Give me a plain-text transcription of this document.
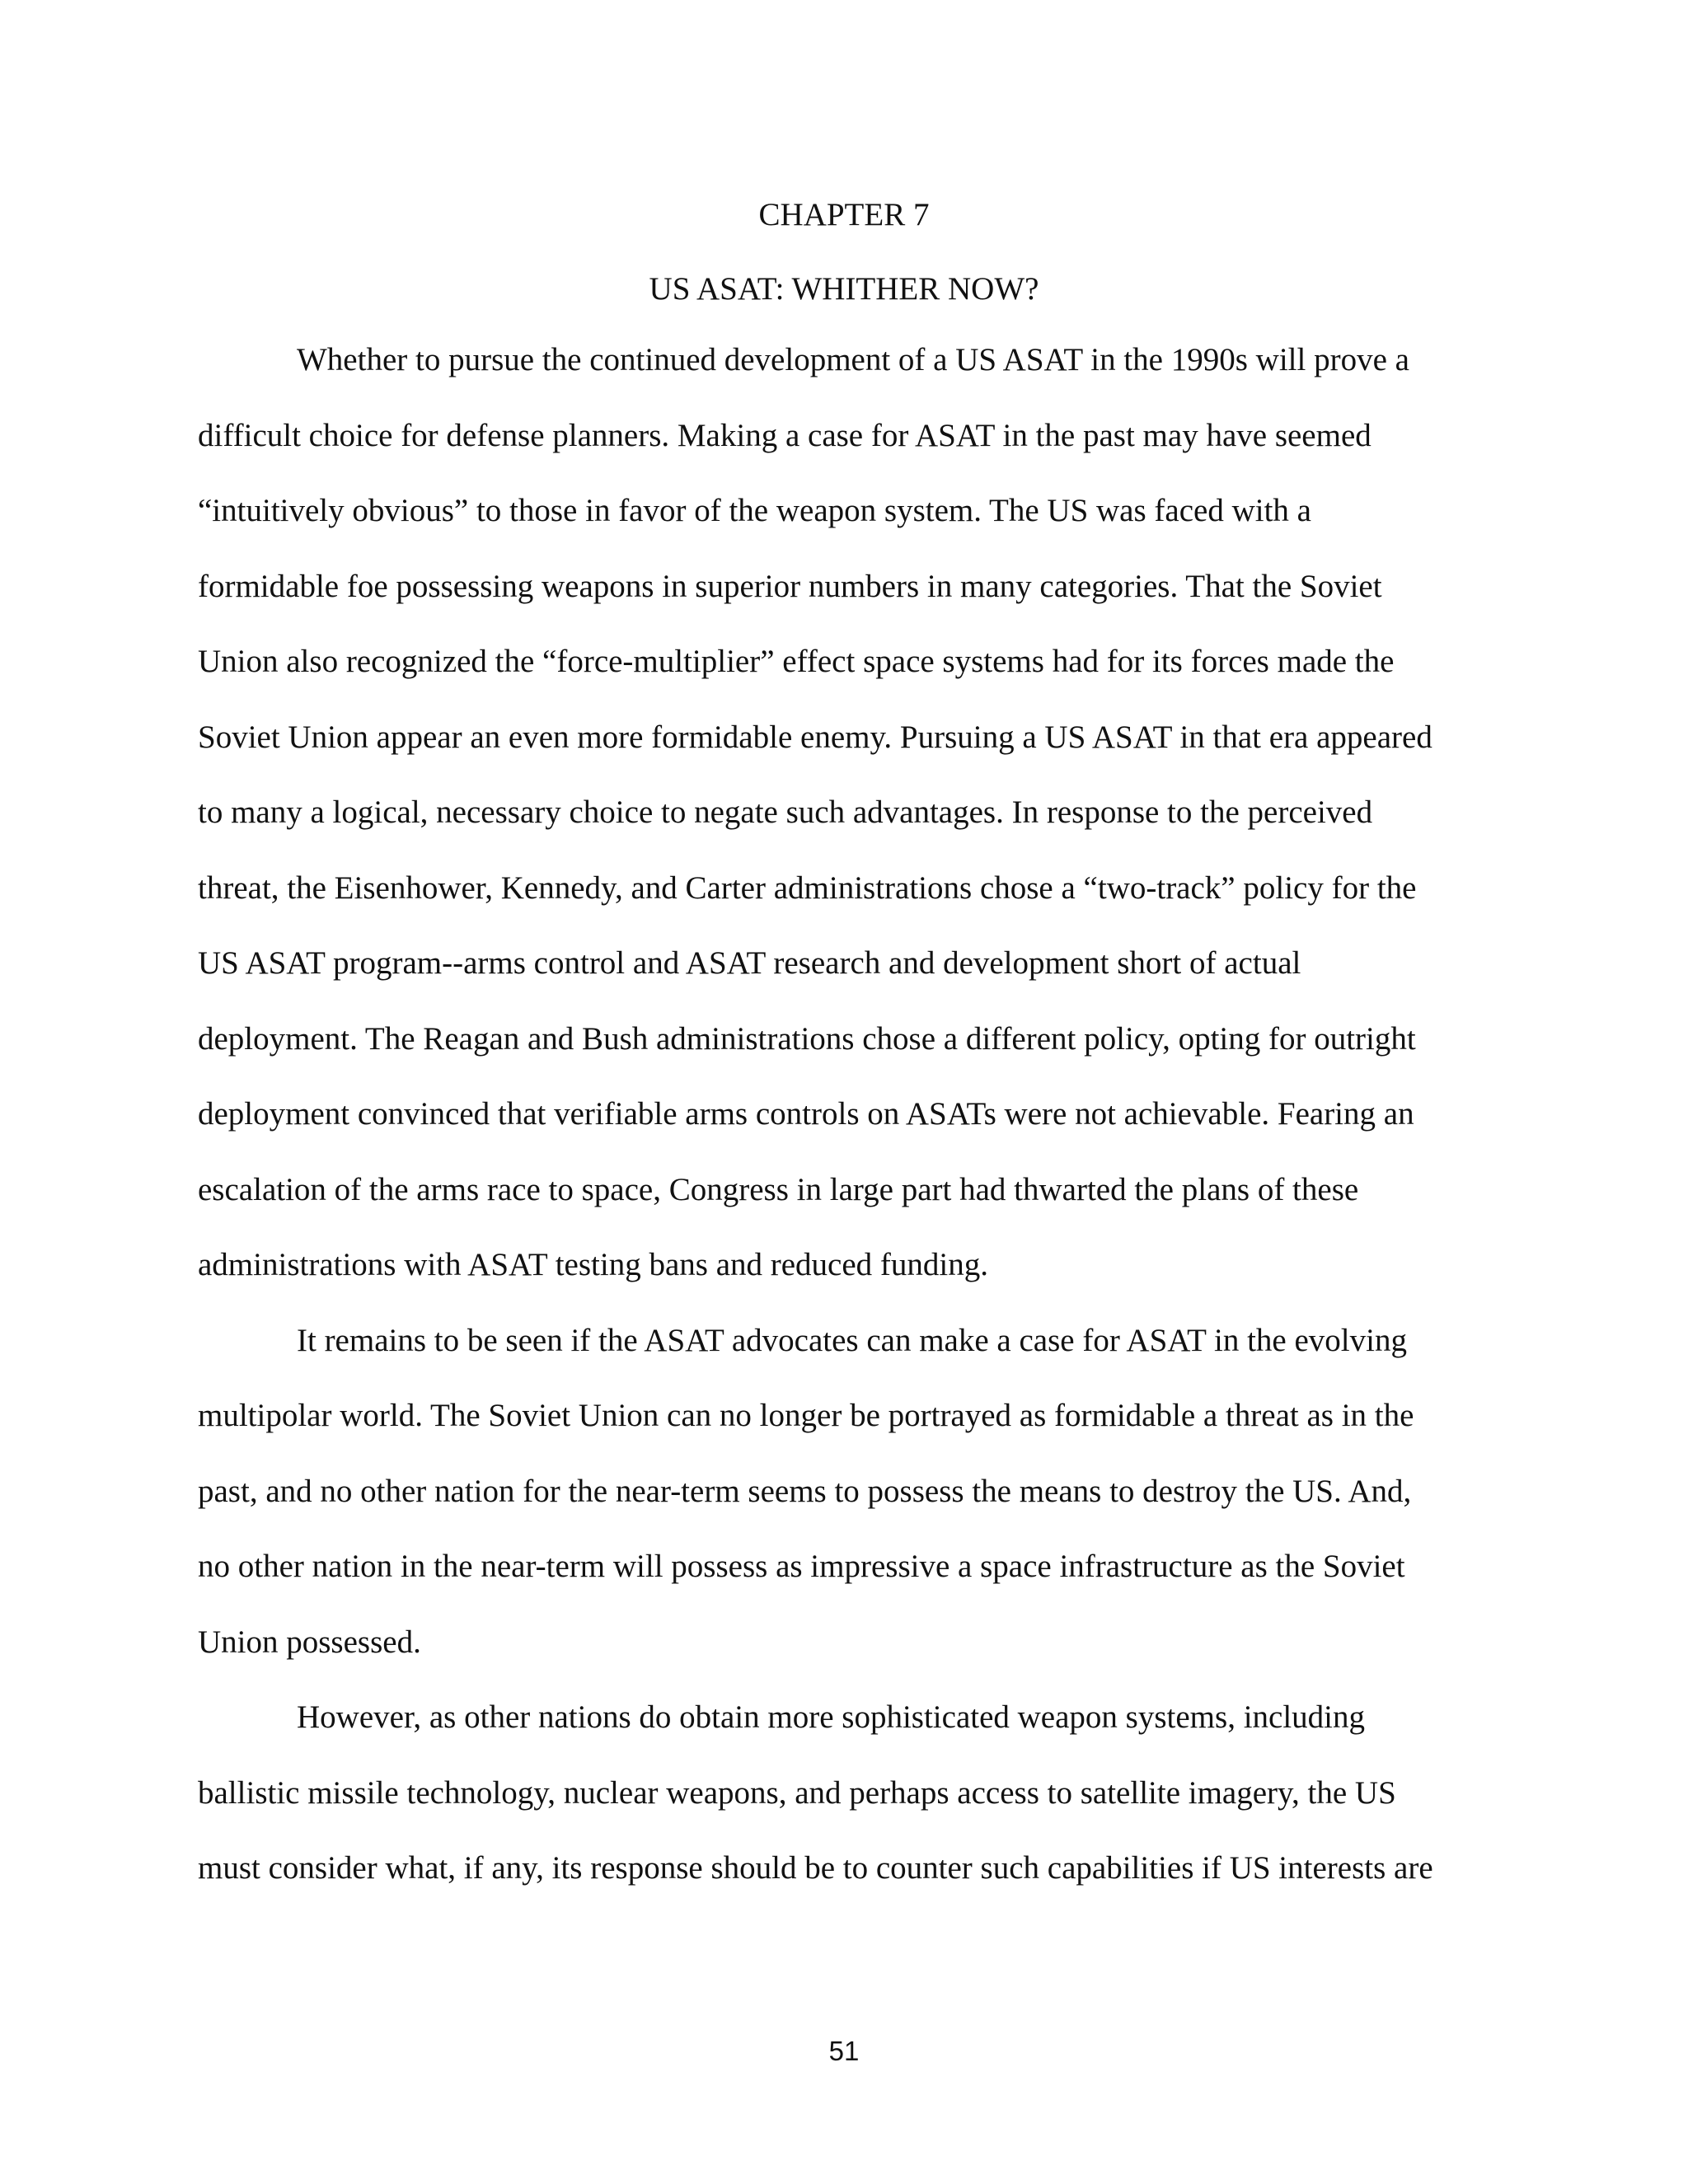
CHAPTER 7
US ASAT: WHITHER NOW?
Whether to pursue the continued development of a US ASAT in the 1990s will prove a
difficult choice for defense planners. Making a case for ASAT in the past may have seemed
“intuitively obvious” to those in favor of the weapon system. The US was faced with a
formidable foe possessing weapons in superior numbers in many categories. That the Soviet
Union also recognized the “force-multiplier” effect space systems had for its forces made the
Soviet Union appear an even more formidable enemy. Pursuing a US ASAT in that era appeared
to many a logical, necessary choice to negate such advantages. In response to the perceived
threat, the Eisenhower, Kennedy, and Carter administrations chose a “two-track” policy for the
US ASAT program--arms control and ASAT research and development short of actual
deployment. The Reagan and Bush administrations chose a different policy, opting for outright
deployment convinced that verifiable arms controls on ASATs were not achievable. Fearing an
escalation of the arms race to space, Congress in large part had thwarted the plans of these
administrations with ASAT testing bans and reduced funding.
It remains to be seen if the ASAT advocates can make a case for ASAT in the evolving
multipolar world. The Soviet Union can no longer be portrayed as formidable a threat as in the
past, and no other nation for the near-term seems to possess the means to destroy the US. And,
no other nation in the near-term will possess as impressive a space infrastructure as the Soviet
Union possessed.
However, as other nations do obtain more sophisticated weapon systems, including
ballistic missile technology, nuclear weapons, and perhaps access to satellite imagery, the US
must consider what, if any, its response should be to counter such capabilities if US interests are
51
